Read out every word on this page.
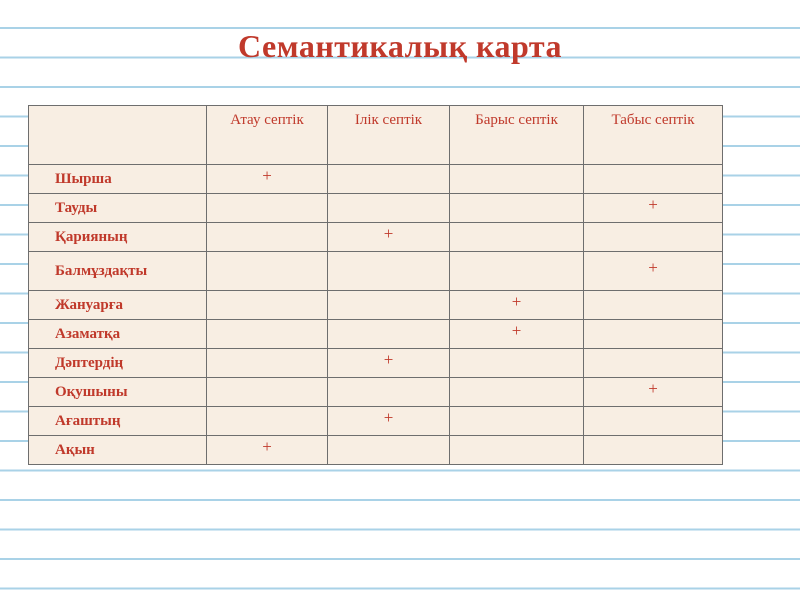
Семантикалық карта
	Атау септік	Ілік септік	Барыс септік	Табыс септік
Шырша	+			
Тауды				+
Қарияның		+		
Балмұздақты				+
Жануарға			+	
Азаматқа			+	
Дәптердің		+		
Оқушыны				+
Ағаштың		+		
Ақын	+			
